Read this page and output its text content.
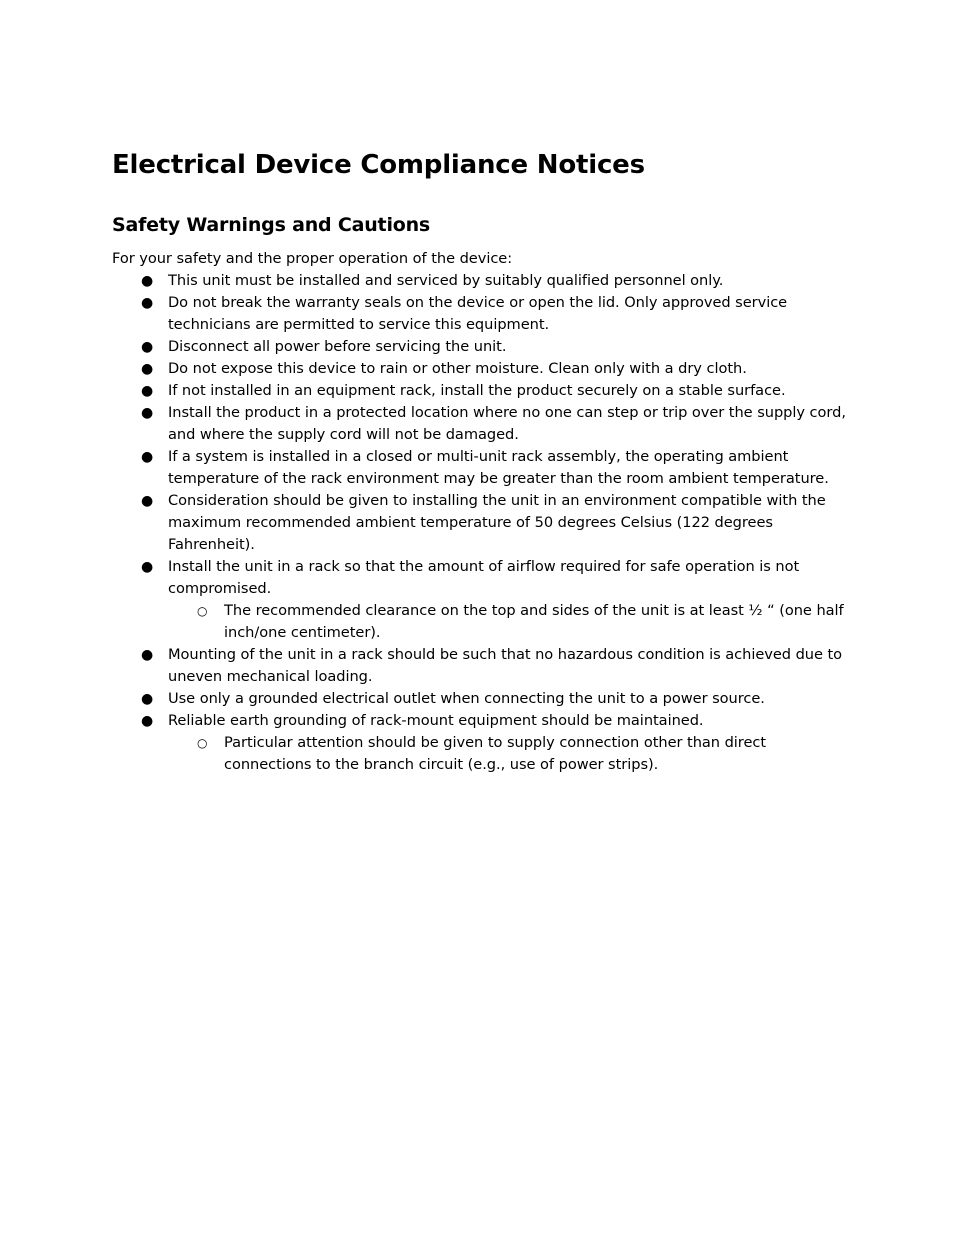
Electrical Device Compliance Notices
Safety Warnings and Cautions

For your safety and the proper operation of the device:

● This unit must be installed and serviced by suitably qualified personnel only.
● Do not break the warranty seals on the device or open the lid. Only approved service technicians are permitted to service this equipment.
● Disconnect all power before servicing the unit.
● Do not expose this device to rain or other moisture. Clean only with a dry cloth.
● If not installed in an equipment rack, install the product securely on a stable surface.
● Install the product in a protected location where no one can step or trip over the supply cord, and where the supply cord will not be damaged.
● If a system is installed in a closed or multi-unit rack assembly, the operating ambient temperature of the rack environment may be greater than the room ambient temperature.
● Consideration should be given to installing the unit in an environment compatible with the maximum recommended ambient temperature of 50 degrees Celsius (122 degrees Fahrenheit).
● Install the unit in a rack so that the amount of airflow required for safe operation is not compromised.
○ The recommended clearance on the top and sides of the unit is at least ½ “ (one half inch/one centimeter).
● Mounting of the unit in a rack should be such that no hazardous condition is achieved due to uneven mechanical loading.
● Use only a grounded electrical outlet when connecting the unit to a power source.
● Reliable earth grounding of rack-mount equipment should be maintained.
○ Particular attention should be given to supply connection other than direct connections to the branch circuit (e.g., use of power strips).
